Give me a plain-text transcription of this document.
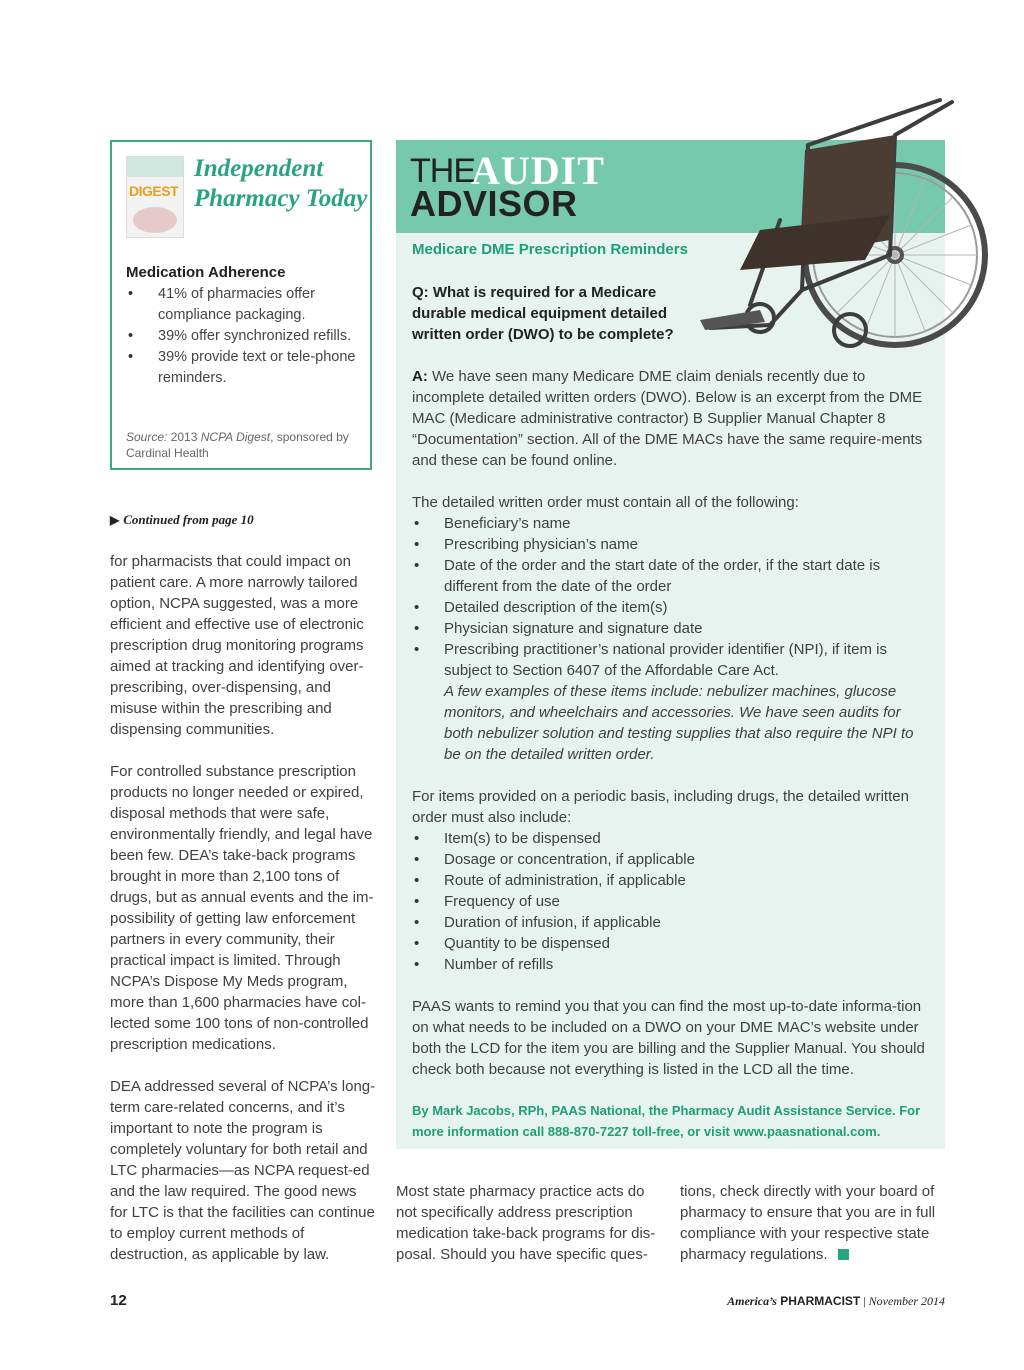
DIGEST
Independent Pharmacy Today
Medication Adherence
• 41% of pharmacies offer compliance packaging.
• 39% offer synchronized refills.
• 39% provide text or tele-phone reminders.
Source: 2013 NCPA Digest, sponsored by Cardinal Health
▶ Continued from page 10

for pharmacists that could impact on patient care. A more narrowly tailored option, NCPA suggested, was a more efficient and effective use of electronic prescription drug monitoring programs aimed at tracking and identifying over-prescribing, over-dispensing, and misuse within the prescribing and dispensing communities.

For controlled substance prescription products no longer needed or expired, disposal methods that were safe, environmentally friendly, and legal have been few. DEA’s take-back programs brought in more than 2,100 tons of drugs, but as annual events and the im-possibility of getting law enforcement partners in every community, their practical impact is limited. Through NCPA’s Dispose My Meds program, more than 1,600 pharmacies have col-lected some 100 tons of non-controlled prescription medications.

DEA addressed several of NCPA’s long-term care-related concerns, and it’s important to note the program is completely voluntary for both retail and LTC pharmacies—as NCPA request-ed and the law required. The good news for LTC is that the facilities can continue to employ current methods of destruction, as applicable by law.

THE
AUDIT
ADVISOR
Medicare DME Prescription Reminders

Q: What is required for a Medicare durable medical equipment detailed written order (DWO) to be complete?

A: We have seen many Medicare DME claim denials recently due to incomplete detailed written orders (DWO). Below is an excerpt from the DME MAC (Medicare administrative contractor) B Supplier Manual Chapter 8 “Documentation” section. All of the DME MACs have the same require-ments and these can be found online.

The detailed written order must contain all of the following:

• Beneficiary’s name
• Prescribing physician’s name
• Date of the order and the start date of the order, if the start date is different from the date of the order
• Detailed description of the item(s)
• Physician signature and signature date
• Prescribing practitioner’s national provider identifier (NPI), if item is subject to Section 6407 of the Affordable Care Act.

A few examples of these items include: nebulizer machines, glucose monitors, and wheelchairs and accessories. We have seen audits for both nebulizer solution and testing supplies that also require the NPI to be on the detailed written order.

For items provided on a periodic basis, including drugs, the detailed written order must also include:

• Item(s) to be dispensed
• Dosage or concentration, if applicable
• Route of administration, if applicable
• Frequency of use
• Duration of infusion, if applicable
• Quantity to be dispensed
• Number of refills

PAAS wants to remind you that you can find the most up-to-date informa-tion on what needs to be included on a DWO on your DME MAC’s website under both the LCD for the item you are billing and the Supplier Manual. You should check both because not everything is listed in the LCD all the time.

By Mark Jacobs, RPh, PAAS National, the Pharmacy Audit Assistance Service. For more information call 888-870-7227 toll-free, or visit www.paasnational.com.
Most state pharmacy practice acts do not specifically address prescription medication take-back programs for dis-posal. Should you have specific ques-
tions, check directly with your board of pharmacy to ensure that you are in full compliance with your respective state pharmacy regulations.
12	America’s PHARMACIST | November 2014
